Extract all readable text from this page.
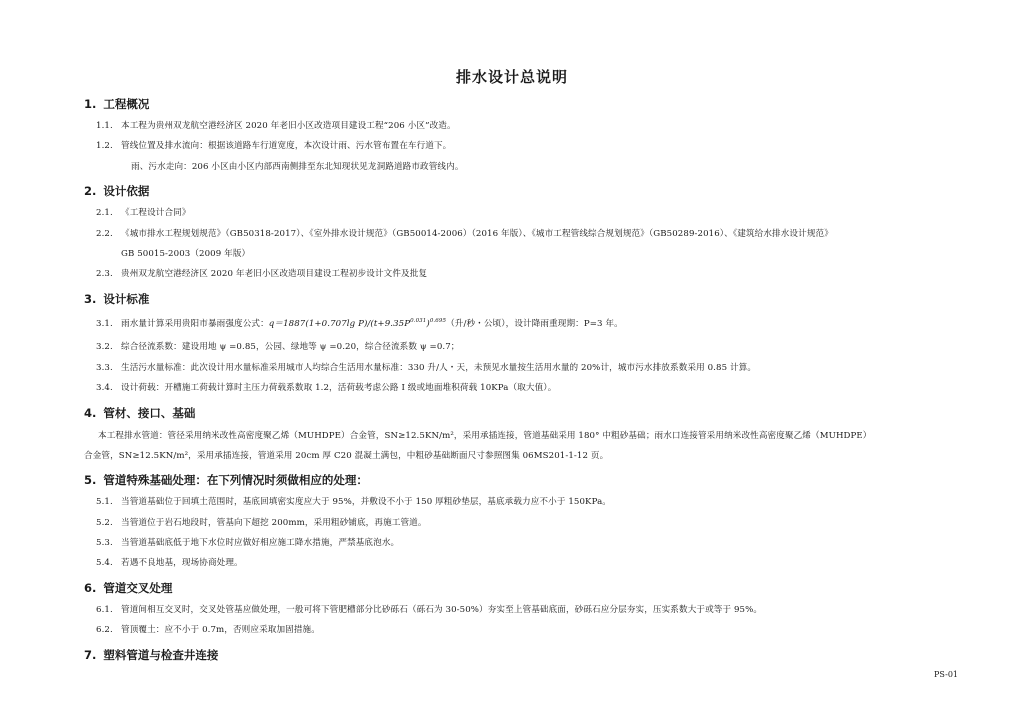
排水设计总说明
1. 工程概况
1.1. 本工程为贵州双龙航空港经济区 2020 年老旧小区改造项目建设工程“206 小区”改造。
1.2. 管线位置及排水流向：根据该道路车行道宽度，本次设计雨、污水管布置在车行道下。
雨、污水走向：206 小区由小区内部西南侧排至东北知现状见龙洞路道路市政管线内。
2. 设计依据
2.1. 《工程设计合同》
2.2. 《城市排水工程规划规范》（GB50318-2017）、《室外排水设计规范》（GB50014-2006）（2016 年版）、《城市工程管线综合规划规范》（GB50289-2016）、《建筑给水排水设计规范》
GB 50015-2003（2009 年版）
2.3. 贵州双龙航空港经济区 2020 年老旧小区改造项目建设工程初步设计文件及批复
3. 设计标准
3.1. 雨水量计算采用贵阳市暴雨强度公式：q＝1887(1+0.707lg $P)/(t+9.35P^{0.031})^{0.695}$（升/秒・公顷），设计降雨重现期：P=3 年。
3.2. 综合径流系数：建设用地 ψ =0.85，公园、绿地等 ψ =0.20，综合径流系数 ψ =0.7；
3.3. 生活污水量标准：此次设计用水量标准采用城市人均综合生活用水量标准：330 升/人・天，未预见水量按生活用水量的 20%计，城市污水排放系数采用 0.85 计算。
3.4. 设计荷载：开槽施工荷载计算时主压力荷载系数取 1.2，活荷载考虑公路 I 级或地面堆积荷载 10KPa（取大值）。
4. 管材、接口、基础
本工程排水管道：管径采用纳米改性高密度聚乙烯（MUHDPE）合金管，SN≥12.5KN/m²，采用承插连接，管道基础采用 180° 中粗砂基础；雨水口连接管采用纳米改性高密度聚乙烯（MUHDPE）
合金管，SN≥12.5KN/m²，采用承插连接，管道采用 20cm 厚 C20 混凝土满包，中粗砂基础断面尺寸参照图集 06MS201-1-12 页。
5. 管道特殊基础处理：在下列情况时须做相应的处理：
5.1. 当管道基础位于回填土范围时，基底回填密实度应大于 95%，并敷设不小于 150 厚粗砂垫层，基底承载力应不小于 150KPa。
5.2. 当管道位于岩石地段时，管基向下超挖 200mm，采用粗砂铺底，再施工管道。
5.3. 当管道基础底低于地下水位时应做好相应施工降水措施，严禁基底泡水。
5.4. 若遇不良地基，现场协商处理。
6. 管道交叉处理
6.1. 管道间相互交叉时，交叉处管基应做处理，一般可将下管肥槽部分比砂砾石（砾石为 30-50%）夯实至上管基础底面，砂砾石应分层夯实，压实系数大于或等于 95%。
6.2. 管顶覆土：应不小于 0.7m，否则应采取加固措施。
7. 塑料管道与检查井连接
PS-01
